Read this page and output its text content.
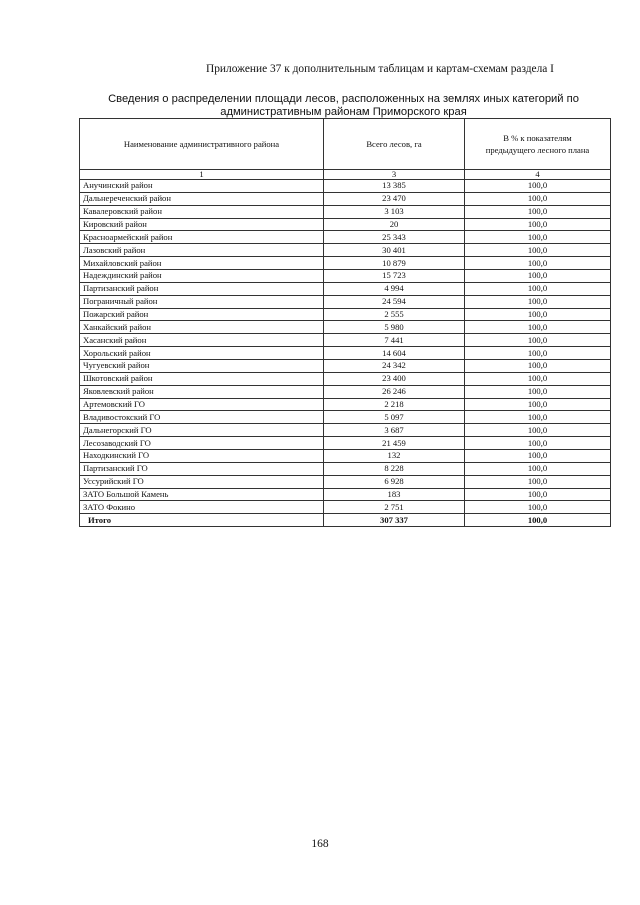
Приложение 37 к дополнительным таблицам и картам-схемам раздела I
Сведения о распределении площади лесов, расположенных на землях иных категорий по
административным районам Приморского края
Наименование административного района	Всего лесов, га	В % к показателям предыдущего лесного плана
1	3	4
Анучинский район	13 385	100,0
Дальнереченский район	23 470	100,0
Кавалеровский район	3 103	100,0
Кировский район	20	100,0
Красноармейский район	25 343	100,0
Лазовский район	30 401	100,0
Михайловский район	10 879	100,0
Надеждинский район	15 723	100,0
Партизанский район	4 994	100,0
Пограничный район	24 594	100,0
Пожарский район	2 555	100,0
Ханкайский район	5 980	100,0
Хасанский район	7 441	100,0
Хорольский район	14 604	100,0
Чугуевский район	24 342	100,0
Шкотовский район	23 400	100,0
Яковлевский район	26 246	100,0
Артемовский ГО	2 218	100,0
Владивостокский ГО	5 097	100,0
Дальнегорский ГО	3 687	100,0
Лесозаводский ГО	21 459	100,0
Находкинский ГО	132	100,0
Партизанский ГО	8 228	100,0
Уссурийский ГО	6 928	100,0
ЗАТО Большой Камень	183	100,0
ЗАТО Фокино	2 751	100,0
Итого	307 337	100,0
168
